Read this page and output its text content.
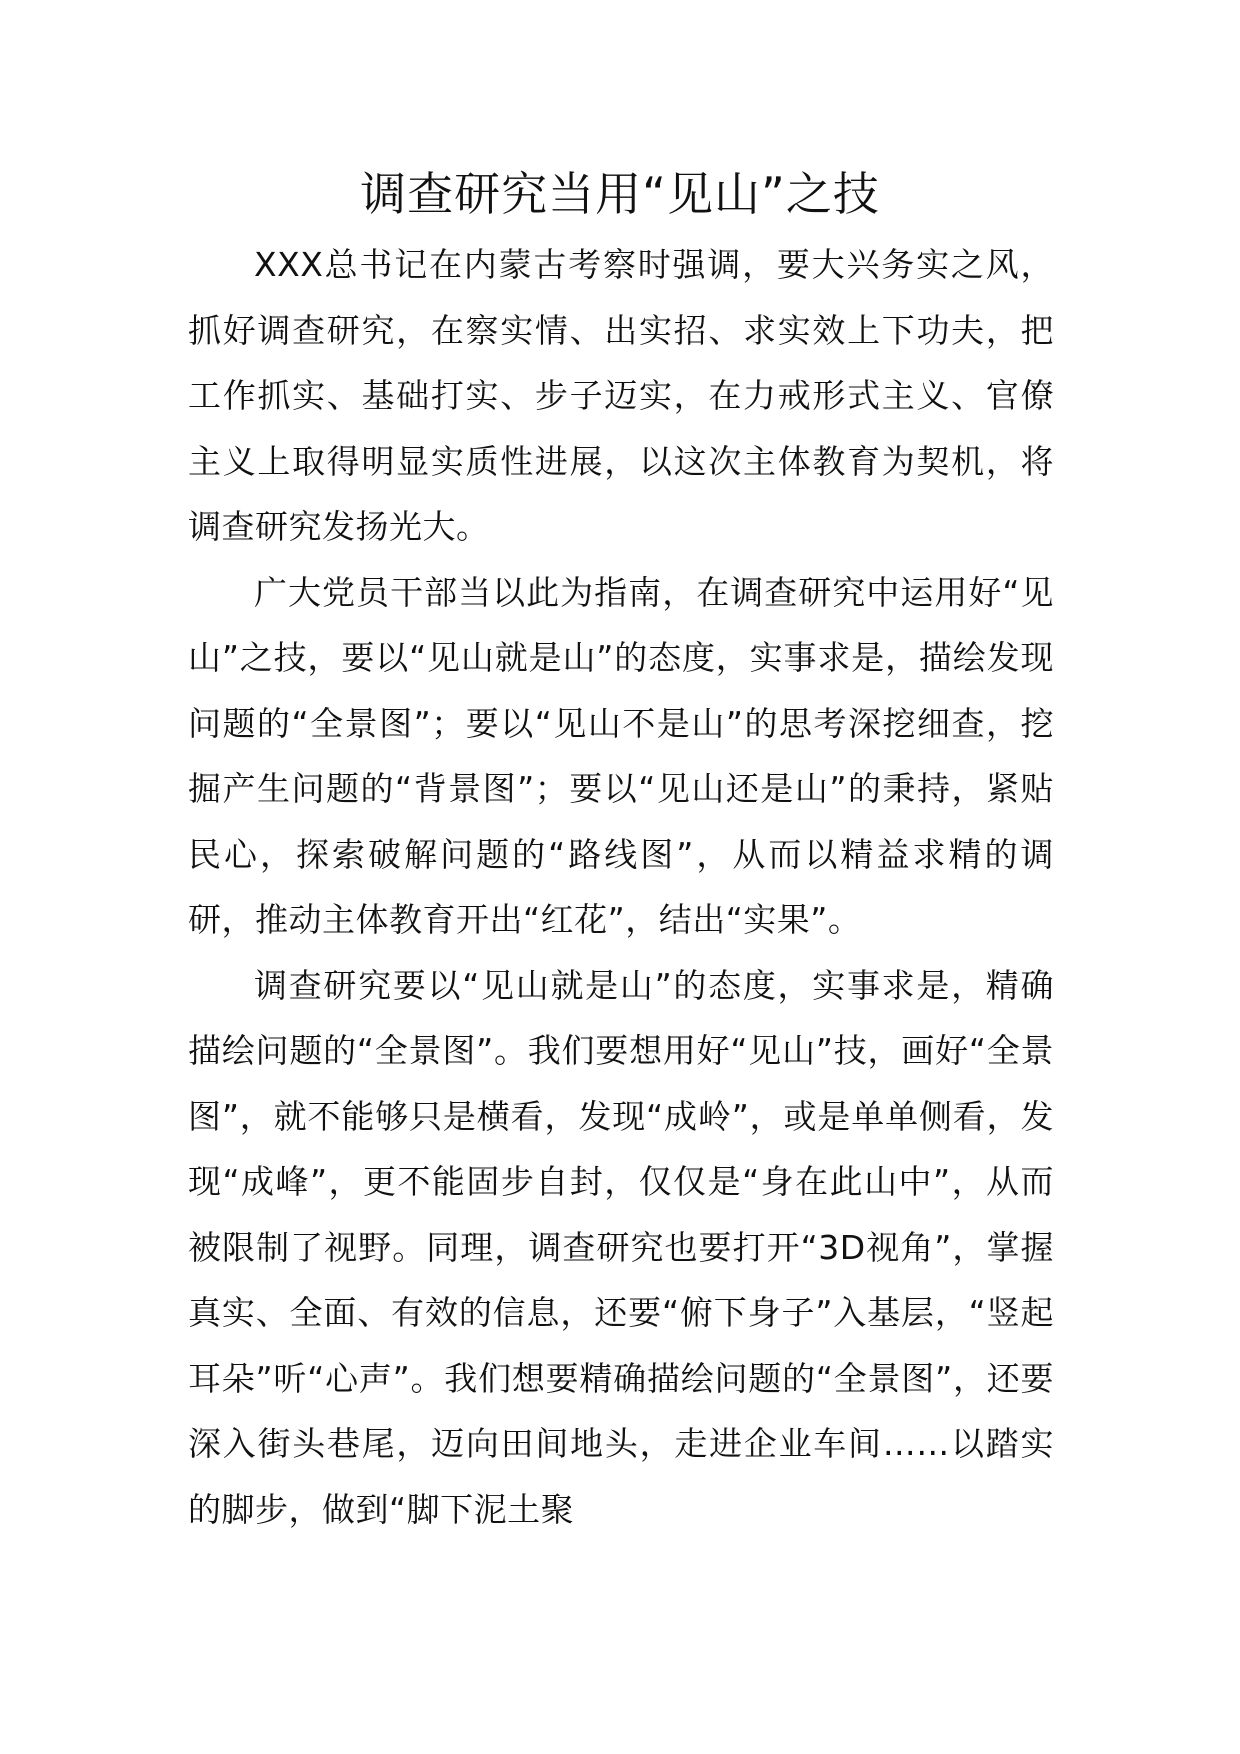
调查研究当用“见山”之技

XXX总书记在内蒙古考察时强调，要大兴务实之风，抓好调查研究，在察实情、出实招、求实效上下功夫，把工作抓实、基础打实、步子迈实，在力戒形式主义、官僚主义上取得明显实质性进展，以这次主体教育为契机，将调查研究发扬光大。

广大党员干部当以此为指南，在调查研究中运用好“见山”之技，要以“见山就是山”的态度，实事求是，描绘发现问题的“全景图”；要以“见山不是山”的思考深挖细查，挖掘产生问题的“背景图”；要以“见山还是山”的秉持，紧贴民心，探索破解问题的“路线图”，从而以精益求精的调研，推动主体教育开出“红花”，结出“实果”。

调查研究要以“见山就是山”的态度，实事求是，精确描绘问题的“全景图”。我们要想用好“见山”技，画好“全景图”，就不能够只是横看，发现“成岭”，或是单单侧看，发现“成峰”，更不能固步自封，仅仅是“身在此山中”，从而被限制了视野。同理，调查研究也要打开“3D视角”，掌握真实、全面、有效的信息，还要“俯下身子”入基层，“竖起耳朵”听“心声”。我们想要精确描绘问题的“全景图”，还要深入街头巷尾，迈向田间地头，走进企业车间……以踏实的脚步，做到“脚下泥土聚
